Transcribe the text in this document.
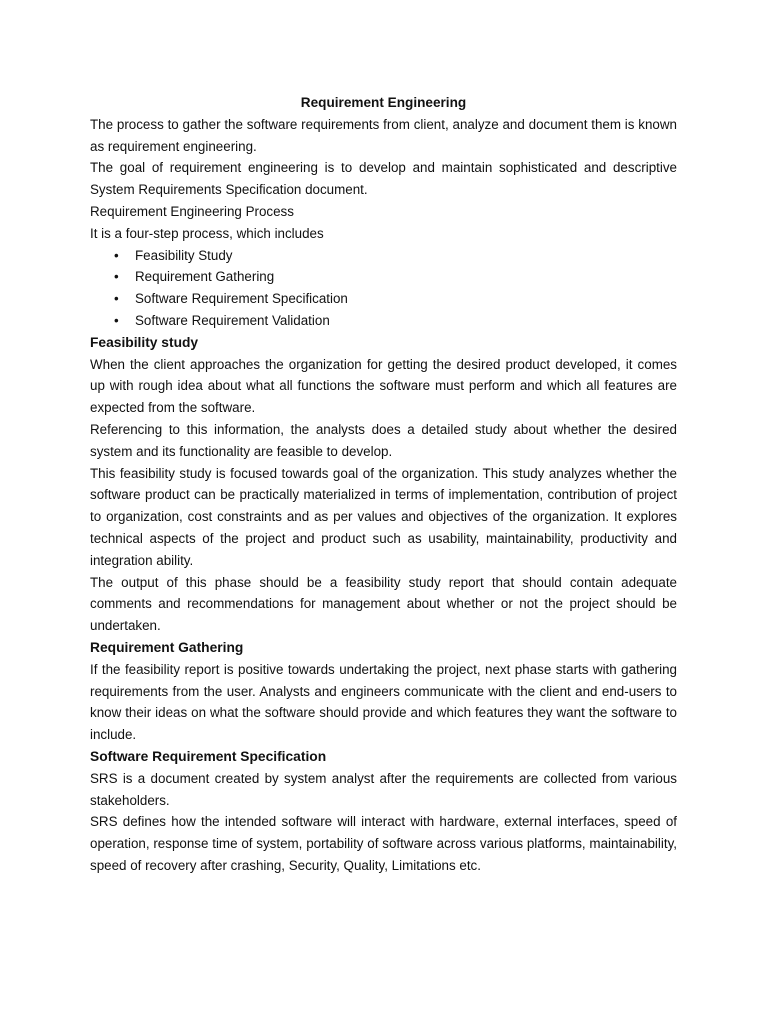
Requirement Engineering

The process to gather the software requirements from client, analyze and document them is known as requirement engineering.

The goal of requirement engineering is to develop and maintain sophisticated and descriptive System Requirements Specification document.

Requirement Engineering Process

It is a four-step process, which includes

• Feasibility Study
• Requirement Gathering
• Software Requirement Specification
• Software Requirement Validation
Feasibility study

When the client approaches the organization for getting the desired product developed, it comes up with rough idea about what all functions the software must perform and which all features are expected from the software.

Referencing to this information, the analysts does a detailed study about whether the desired system and its functionality are feasible to develop.

This feasibility study is focused towards goal of the organization. This study analyzes whether the software product can be practically materialized in terms of implementation, contribution of project to organization, cost constraints and as per values and objectives of the organization. It explores technical aspects of the project and product such as usability, maintainability, productivity and integration ability.

The output of this phase should be a feasibility study report that should contain adequate comments and recommendations for management about whether or not the project should be undertaken.

Requirement Gathering

If the feasibility report is positive towards undertaking the project, next phase starts with gathering requirements from the user. Analysts and engineers communicate with the client and end-users to know their ideas on what the software should provide and which features they want the software to include.

Software Requirement Specification

SRS is a document created by system analyst after the requirements are collected from various stakeholders.

SRS defines how the intended software will interact with hardware, external interfaces, speed of operation, response time of system, portability of software across various platforms, maintainability, speed of recovery after crashing, Security, Quality, Limitations etc.
